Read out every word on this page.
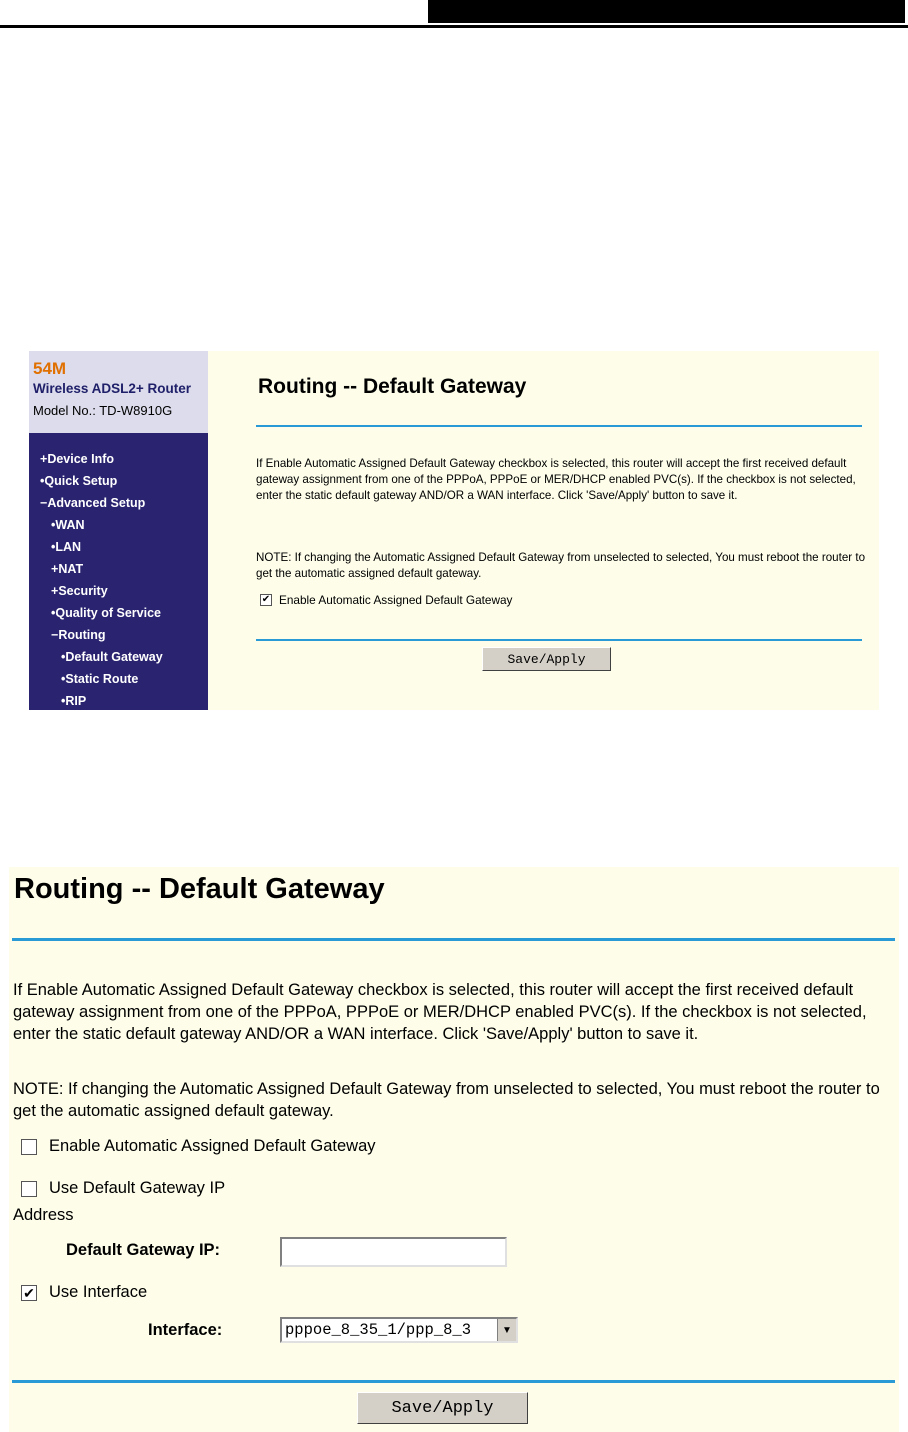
54M
Wireless ADSL2+ Router
Model No.: TD-W8910G
+Device Info
•Quick Setup
−Advanced Setup
•WAN
•LAN
+NAT
+Security
•Quality of Service
−Routing
•Default Gateway
•Static Route
•RIP
Routing -- Default Gateway
If Enable Automatic Assigned Default Gateway checkbox is selected, this router will accept the first received default gateway assignment from one of the PPPoA, PPPoE or MER/DHCP enabled PVC(s). If the checkbox is not selected, enter the static default gateway AND/OR a WAN interface. Click 'Save/Apply' button to save it.
NOTE: If changing the Automatic Assigned Default Gateway from unselected to selected, You must reboot the router to get the automatic assigned default gateway.
✔ Enable Automatic Assigned Default Gateway
Save/Apply
Routing -- Default Gateway
If Enable Automatic Assigned Default Gateway checkbox is selected, this router will accept the first received default gateway assignment from one of the PPPoA, PPPoE or MER/DHCP enabled PVC(s). If the checkbox is not selected, enter the static default gateway AND/OR a WAN interface. Click 'Save/Apply' button to save it.
NOTE: If changing the Automatic Assigned Default Gateway from unselected to selected, You must reboot the router to get the automatic assigned default gateway.
Enable Automatic Assigned Default Gateway
Use Default Gateway IP
Address
Default Gateway IP:
✔ Use Interface
Interface:	pppoe_8_35_1/ppp_8_3	▼
Save/Apply
